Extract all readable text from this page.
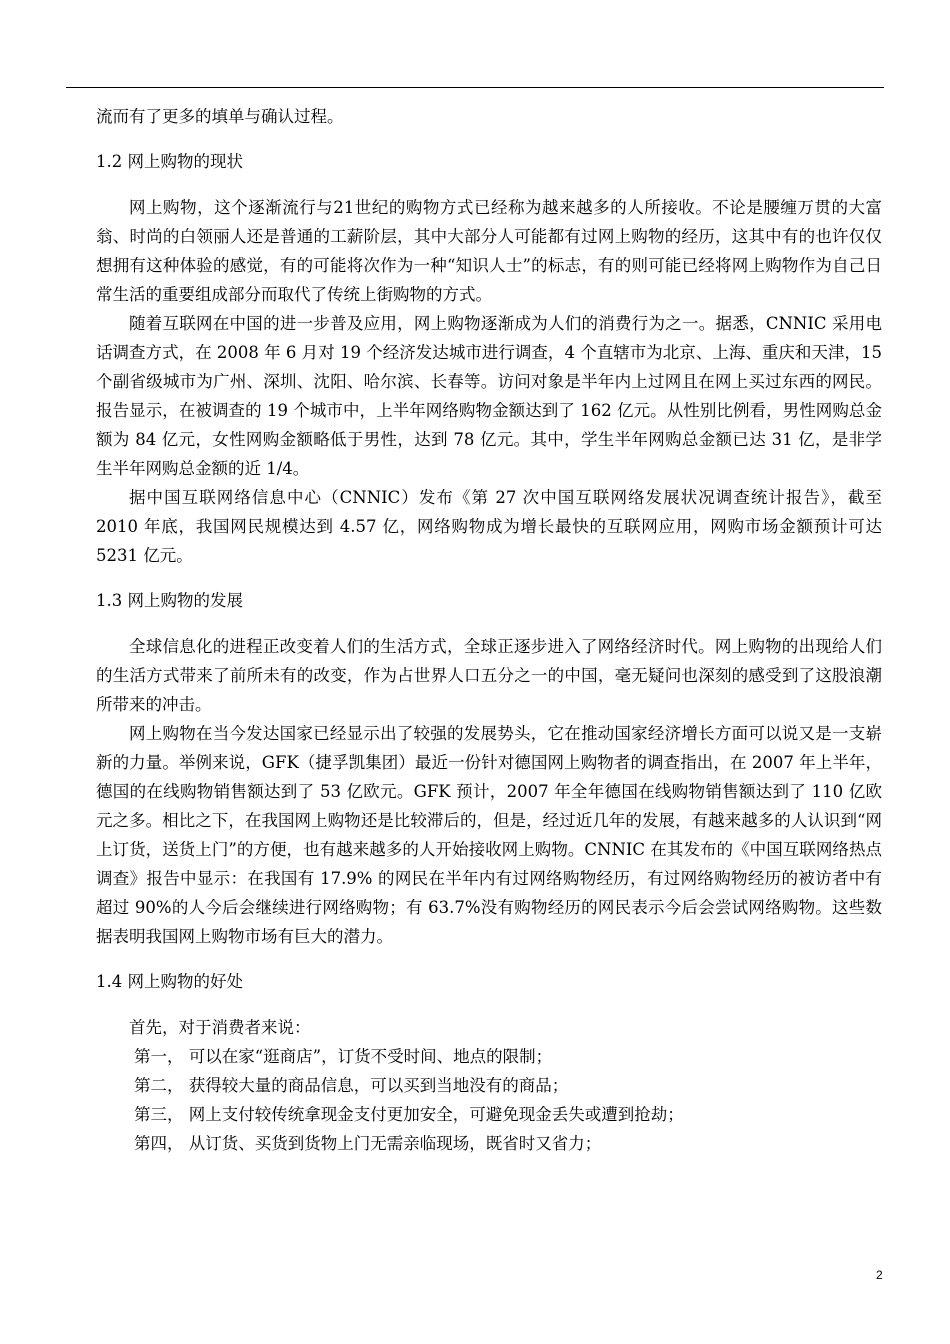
流而有了更多的填单与确认过程。

1.2 网上购物的现状

网上购物，这个逐渐流行与21世纪的购物方式已经称为越来越多的人所接收。不论是腰缠万贯的大富翁、时尚的白领丽人还是普通的工薪阶层，其中大部分人可能都有过网上购物的经历，这其中有的也许仅仅想拥有这种体验的感觉，有的可能将次作为一种“知识人士”的标志，有的则可能已经将网上购物作为自己日常生活的重要组成部分而取代了传统上街购物的方式。

随着互联网在中国的进一步普及应用，网上购物逐渐成为人们的消费行为之一。据悉，CNNIC 采用电话调查方式，在 2008 年 6 月对 19 个经济发达城市进行调查，4 个直辖市为北京、上海、重庆和天津，15 个副省级城市为广州、深圳、沈阳、哈尔滨、长春等。访问对象是半年内上过网且在网上买过东西的网民。报告显示，在被调查的 19 个城市中，上半年网络购物金额达到了 162 亿元。从性别比例看，男性网购总金额为 84 亿元，女性网购金额略低于男性，达到 78 亿元。其中，学生半年网购总金额已达 31 亿，是非学生半年网购总金额的近 1/4。

据中国互联网络信息中心（CNNIC）发布《第 27 次中国互联网络发展状况调查统计报告》，截至 2010 年底，我国网民规模达到 4.57 亿，网络购物成为增长最快的互联网应用，网购市场金额预计可达 5231 亿元。

1.3 网上购物的发展

全球信息化的进程正改变着人们的生活方式，全球正逐步进入了网络经济时代。网上购物的出现给人们的生活方式带来了前所未有的改变，作为占世界人口五分之一的中国，毫无疑问也深刻的感受到了这股浪潮所带来的冲击。

网上购物在当今发达国家已经显示出了较强的发展势头，它在推动国家经济增长方面可以说又是一支崭新的力量。举例来说，GFK（捷孚凯集团）最近一份针对德国网上购物者的调查指出，在 2007 年上半年，德国的在线购物销售额达到了 53 亿欧元。GFK 预计，2007 年全年德国在线购物销售额达到了 110 亿欧元之多。相比之下，在我国网上购物还是比较滞后的，但是，经过近几年的发展，有越来越多的人认识到“网上订货，送货上门”的方便，也有越来越多的人开始接收网上购物。CNNIC 在其发布的《中国互联网络热点调查》报告中显示：在我国有 17.9% 的网民在半年内有过网络购物经历，有过网络购物经历的被访者中有超过 90%的人今后会继续进行网络购物；有 63.7%没有购物经历的网民表示今后会尝试网络购物。这些数据表明我国网上购物市场有巨大的潜力。

1.4 网上购物的好处

首先，对于消费者来说：

第一， 可以在家“逛商店”，订货不受时间、地点的限制；

第二， 获得较大量的商品信息，可以买到当地没有的商品；

第三， 网上支付较传统拿现金支付更加安全，可避免现金丢失或遭到抢劫；

第四， 从订货、买货到货物上门无需亲临现场，既省时又省力；

2
